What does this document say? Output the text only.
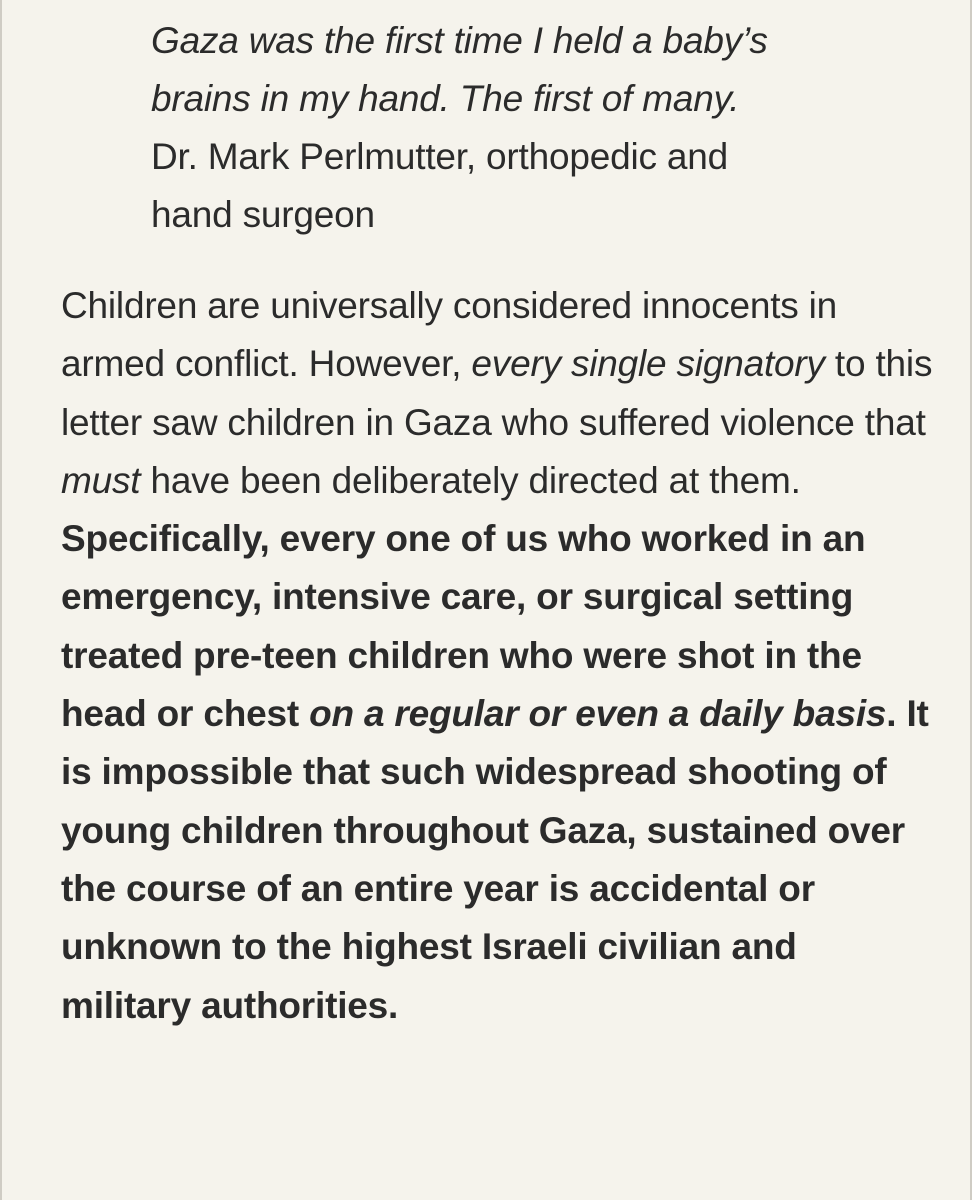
Gaza was the first time I held a baby’s
brains in my hand. The first of many.
Dr. Mark Perlmutter, orthopedic and
hand surgeon
Children are universally considered innocents in armed conflict. However, every single signatory to this letter saw children in Gaza who suffered violence that must have been deliberately directed at them. Specifically, every one of us who worked in an emergency, intensive care, or surgical setting treated pre-teen children who were shot in the head or chest on a regular or even a daily basis. It is impossible that such widespread shooting of young children throughout Gaza, sustained over the course of an entire year is accidental or unknown to the highest Israeli civilian and military authorities.
